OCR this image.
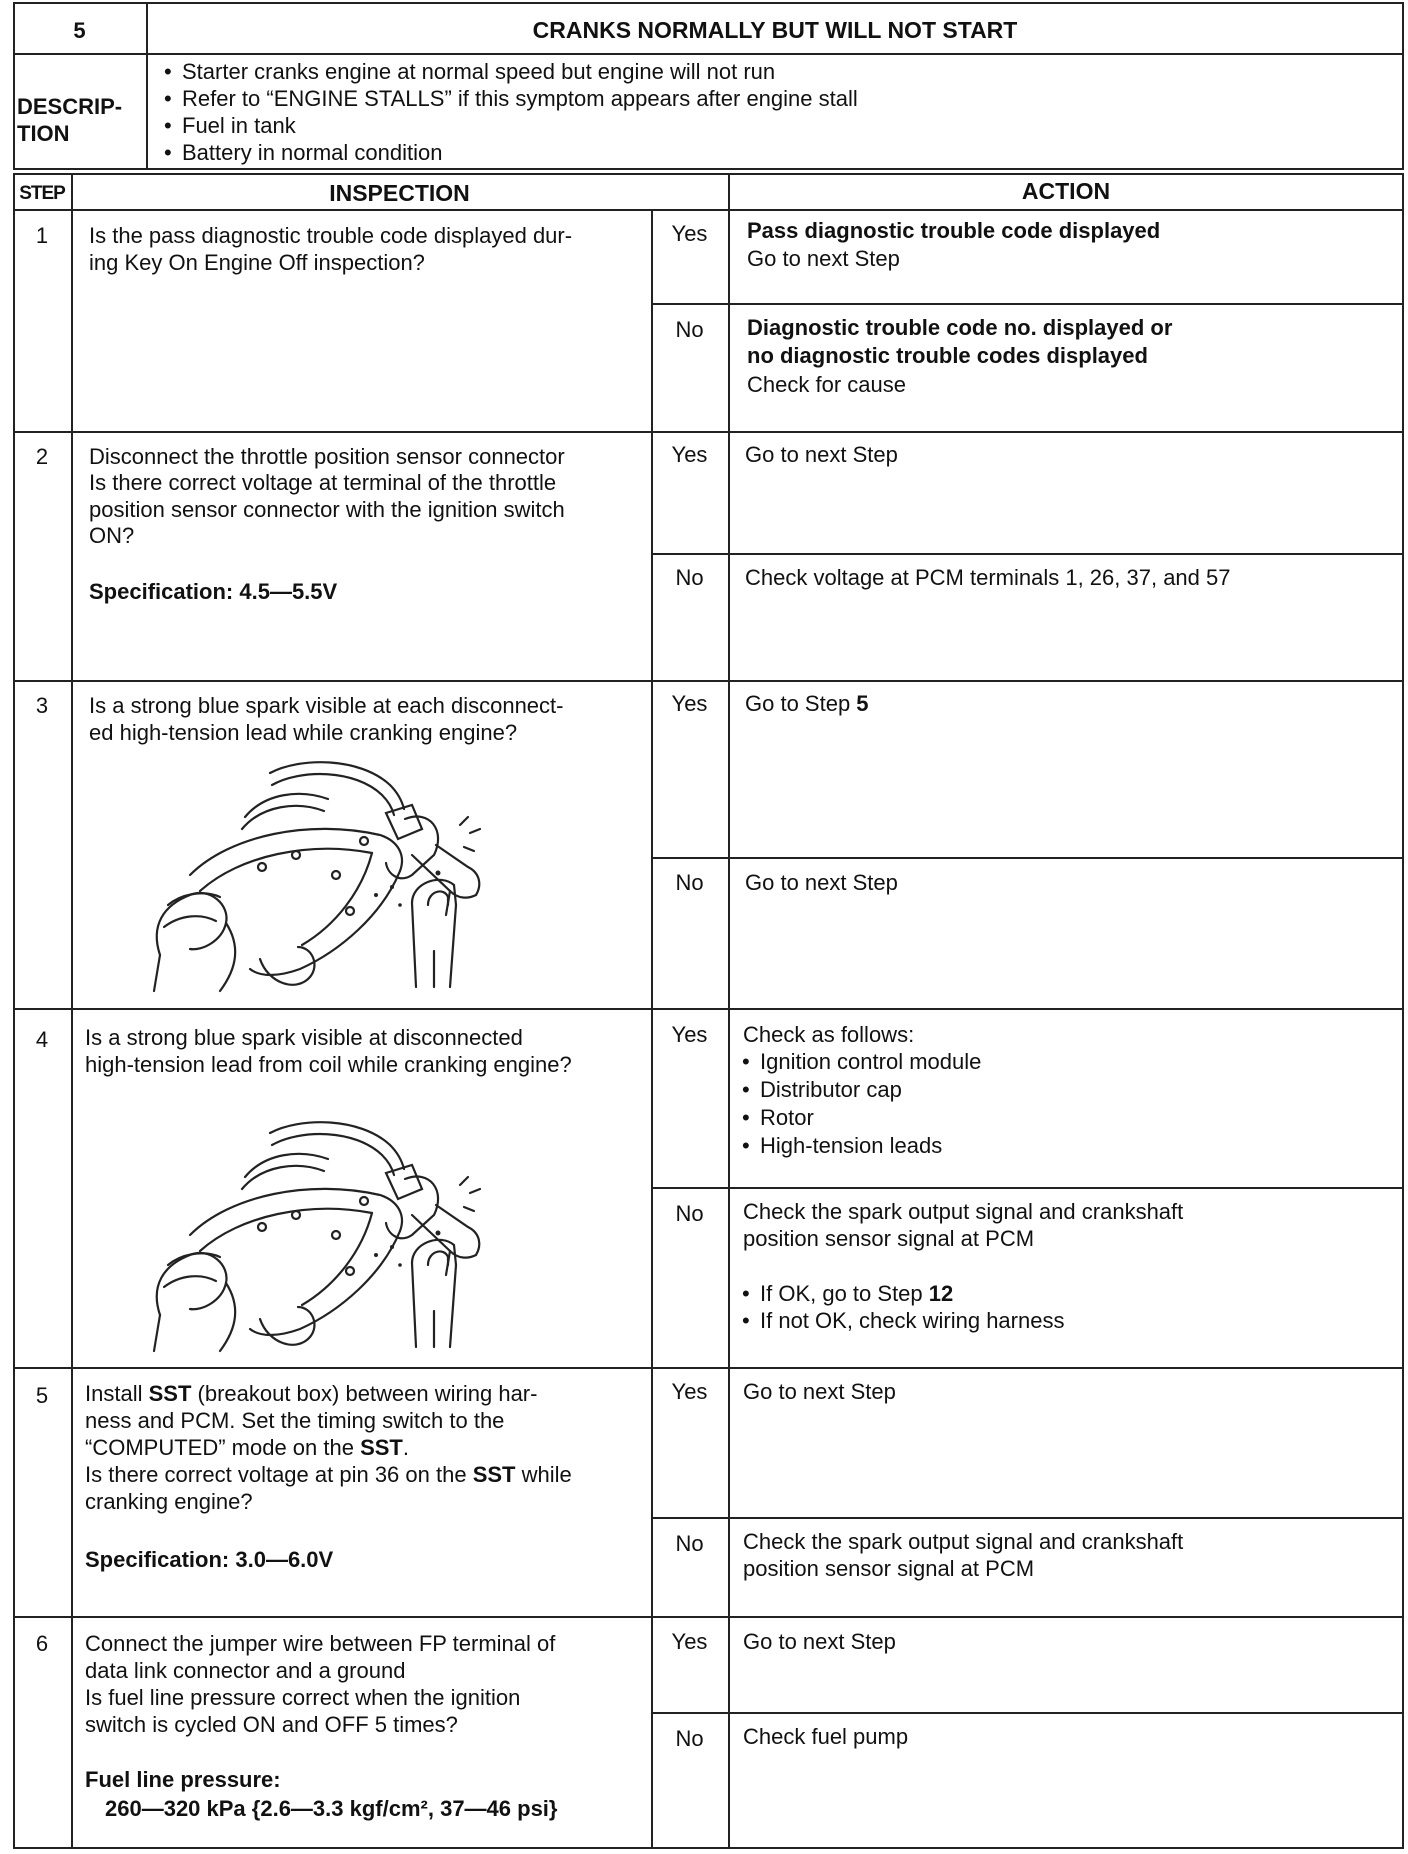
5	CRANKS NORMALLY BUT WILL NOT START
DESCRIP-
TION
• Starter cranks engine at normal speed but engine will not run
• Refer to “ENGINE STALLS” if this symptom appears after engine stall
• Fuel in tank
• Battery in normal condition
STEP	INSPECTION	ACTION
1	Is the pass diagnostic trouble code displayed dur-
ing Key On Engine Off inspection?
Yes	Pass diagnostic trouble code displayed
Go to next Step
No	Diagnostic trouble code no. displayed or
no diagnostic trouble codes displayed
Check for cause
2	Disconnect the throttle position sensor connector
Is there correct voltage at terminal of the throttle
position sensor connector with the ignition switch
ON?
Specification: 4.5—5.5V
Yes	Go to next Step
No	Check voltage at PCM terminals 1, 26, 37, and 57
3	Is a strong blue spark visible at each disconnect-
ed high-tension lead while cranking engine?
Yes	Go to Step 5
No	Go to next Step
4	Is a strong blue spark visible at disconnected
high-tension lead from coil while cranking engine?
Yes	Check as follows:
• Ignition control module
• Distributor cap
• Rotor
• High-tension leads
No	Check the spark output signal and crankshaft
position sensor signal at PCM
• If OK, go to Step 12
• If not OK, check wiring harness
5	Install SST (breakout box) between wiring har-
ness and PCM. Set the timing switch to the
“COMPUTED” mode on the SST.
Is there correct voltage at pin 36 on the SST while
cranking engine?
Specification: 3.0—6.0V
Yes	Go to next Step
No	Check the spark output signal and crankshaft
position sensor signal at PCM
6	Connect the jumper wire between FP terminal of
data link connector and a ground
Is fuel line pressure correct when the ignition
switch is cycled ON and OFF 5 times?
Fuel line pressure:
260—320 kPa {2.6—3.3 kgf/cm², 37—46 psi}
Yes	Go to next Step
No	Check fuel pump
